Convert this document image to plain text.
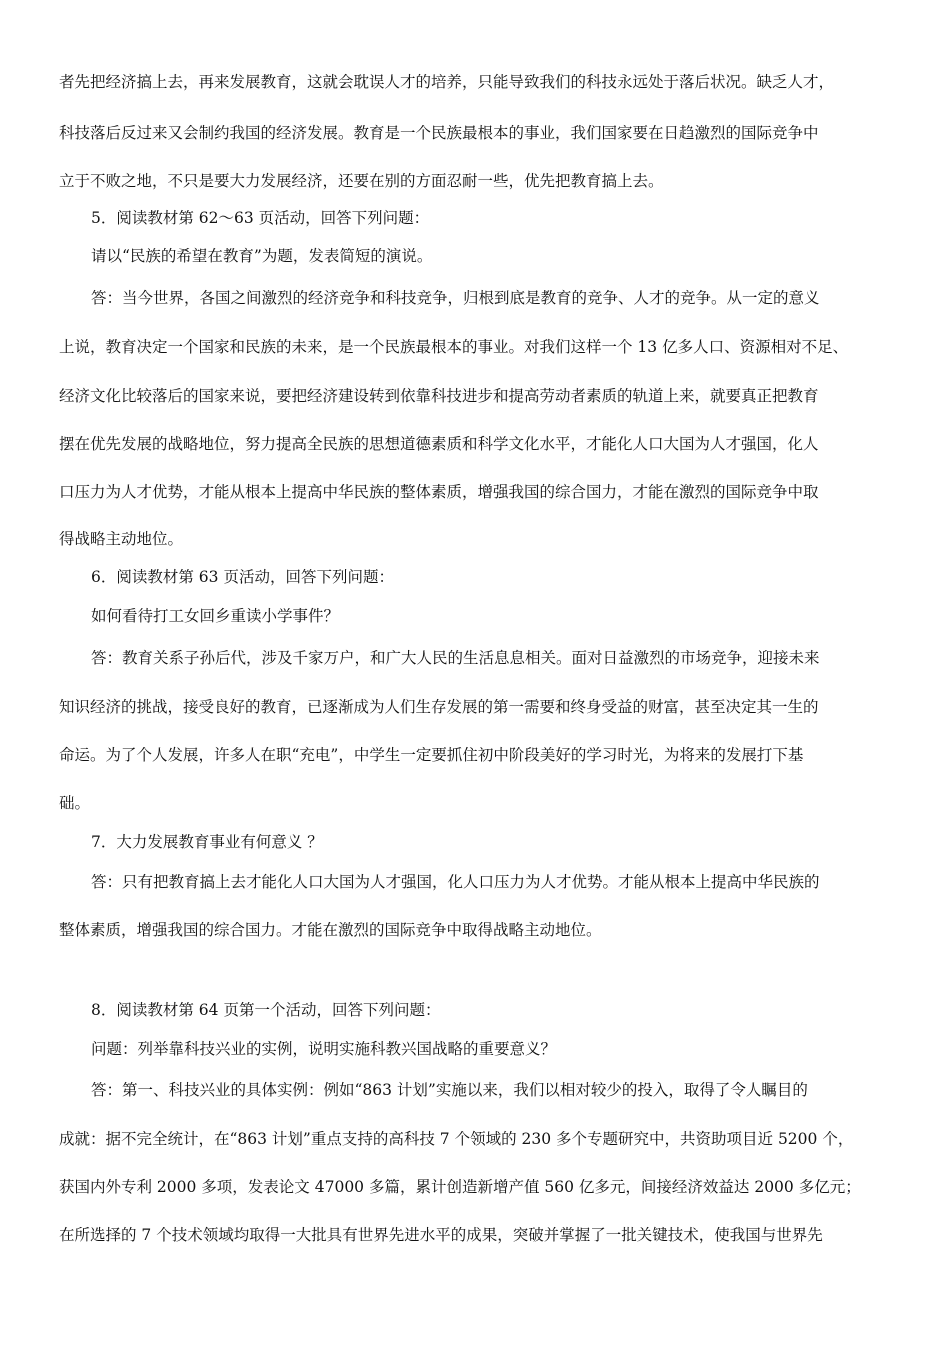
者先把经济搞上去，再来发展教育，这就会耽误人才的培养，只能导致我们的科技永远处于落后状况。缺乏人才，
科技落后反过来又会制约我国的经济发展。教育是一个民族最根本的事业，我们国家要在日趋激烈的国际竞争中
立于不败之地，不只是要大力发展经济，还要在别的方面忍耐一些，优先把教育搞上去。
5．阅读教材第 62～63 页活动，回答下列问题：
请以“民族的希望在教育”为题，发表简短的演说。
答：当今世界，各国之间激烈的经济竞争和科技竞争，归根到底是教育的竞争、人才的竞争。从一定的意义
上说，教育决定一个国家和民族的未来，是一个民族最根本的事业。对我们这样一个 13 亿多人口、资源相对不足、
经济文化比较落后的国家来说，要把经济建设转到依靠科技进步和提高劳动者素质的轨道上来，就要真正把教育
摆在优先发展的战略地位，努力提高全民族的思想道德素质和科学文化水平，才能化人口大国为人才强国，化人
口压力为人才优势，才能从根本上提高中华民族的整体素质，增强我国的综合国力，才能在激烈的国际竞争中取
得战略主动地位。
6．阅读教材第 63 页活动，回答下列问题：
如何看待打工女回乡重读小学事件？
答：教育关系子孙后代，涉及千家万户，和广大人民的生活息息相关。面对日益激烈的市场竞争，迎接未来
知识经济的挑战，接受良好的教育，已逐渐成为人们生存发展的第一需要和终身受益的财富，甚至决定其一生的
命运。为了个人发展，许多人在职“充电”，中学生一定要抓住初中阶段美好的学习时光，为将来的发展打下基
础。
7．大力发展教育事业有何意义 ？
答：只有把教育搞上去才能化人口大国为人才强国，化人口压力为人才优势。才能从根本上提高中华民族的
整体素质，增强我国的综合国力。才能在激烈的国际竞争中取得战略主动地位。
8．阅读教材第 64 页第一个活动，回答下列问题：
问题：列举靠科技兴业的实例，说明实施科教兴国战略的重要意义？
答：第一、科技兴业的具体实例：例如“863 计划”实施以来，我们以相对较少的投入，取得了令人瞩目的
成就：据不完全统计，在“863 计划”重点支持的高科技 7 个领域的 230 多个专题研究中，共资助项目近 5200 个，
获国内外专利 2000 多项，发表论文 47000 多篇，累计创造新增产值 560 亿多元，间接经济效益达 2000 多亿元；
在所选择的 7 个技术领域均取得一大批具有世界先进水平的成果，突破并掌握了一批关键技术，使我国与世界先
